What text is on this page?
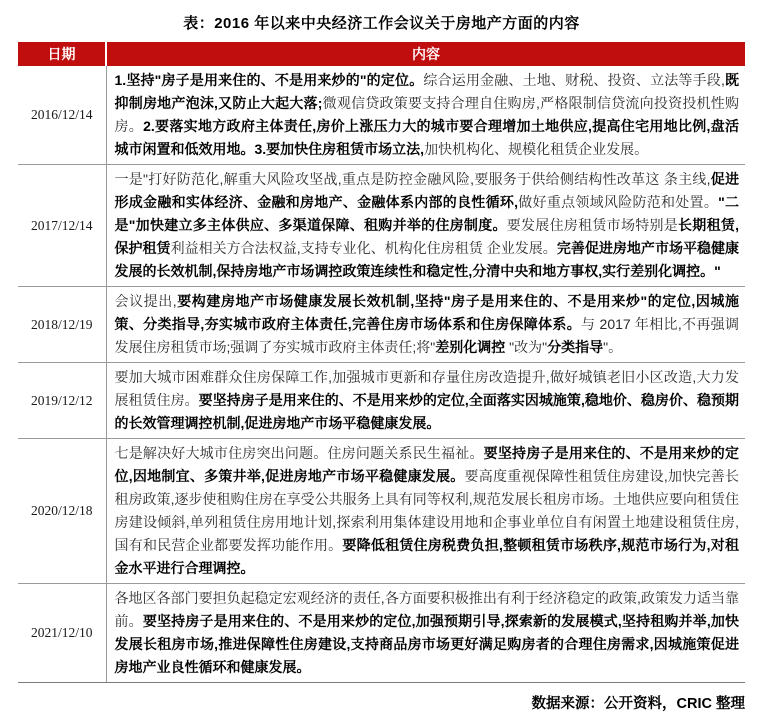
表：2016 年以来中央经济工作会议关于房地产方面的内容
日期	内容
2016/12/14	1.坚持"房子是用来住的、不是用来炒的"的定位。综合运用金融、土地、财税、投资、立法等手段,既抑制房地产泡沫,又防止大起大落;微观信贷政策要支持合理自住购房,严格限制信贷流向投资投机性购房。2.要落实地方政府主体责任,房价上涨压力大的城市要合理增加土地供应,提高住宅用地比例,盘活城市闲置和低效用地。3.要加快住房租赁市场立法,加快机构化、规模化租赁企业发展。
2017/12/14	一是"打好防范化,解重大风险攻坚战,重点是防控金融风险,要服务于供给侧结构性改革这 条主线,促进形成金融和实体经济、金融和房地产、金融体系内部的良性循环,做好重点领域风险防范和处置。"二是"加快建立多主体供应、多渠道保障、租购并举的住房制度。要发展住房租赁市场特别是长期租赁,保护租赁利益相关方合法权益,支持专业化、机构化住房租赁 企业发展。完善促进房地产市场平稳健康发展的长效机制,保持房地产市场调控政策连续性和稳定性,分清中央和地方事权,实行差别化调控。"
2018/12/19	会议提出,要构建房地产市场健康发展长效机制,坚持"房子是用来住的、不是用来炒"的定位,因城施策、分类指导,夯实城市政府主体责任,完善住房市场体系和住房保障体系。与 2017 年相比,不再强调发展住房租赁市场;强调了夯实城市政府主体责任;将"差别化调控 "改为"分类指导"。
2019/12/12	要加大城市困难群众住房保障工作,加强城市更新和存量住房改造提升,做好城镇老旧小区改造,大力发展租赁住房。要坚持房子是用来住的、不是用来炒的定位,全面落实因城施策,稳地价、稳房价、稳预期的长效管理调控机制,促进房地产市场平稳健康发展。
2020/12/18	七是解决好大城市住房突出问题。住房问题关系民生福祉。要坚持房子是用来住的、不是用来炒的定位,因地制宜、多策井举,促进房地产市场平稳健康发展。要高度重视保障性租赁住房建设,加快完善长租房政策,逐步使租购住房在享受公共服务上具有同等权利,规范发展长租房市场。土地供应要向租赁住房建设倾斜,单列租赁住房用地计划,探索利用集体建设用地和企事业单位自有闲置土地建设租赁住房,国有和民营企业都要发挥功能作用。要降低租赁住房税费负担,整顿租赁市场秩序,规范市场行为,对租金水平进行合理调控。
2021/12/10	各地区各部门要担负起稳定宏观经济的责任,各方面要积极推出有利于经济稳定的政策,政策发力适当靠前。要坚持房子是用来住的、不是用来炒的定位,加强预期引导,探索新的发展模式,坚持租购并举,加快发展长租房市场,推进保障性住房建设,支持商品房市场更好满足购房者的合理住房需求,因城施策促进房地产业良性循环和健康发展。
数据来源：公开资料，CRIC 整理
